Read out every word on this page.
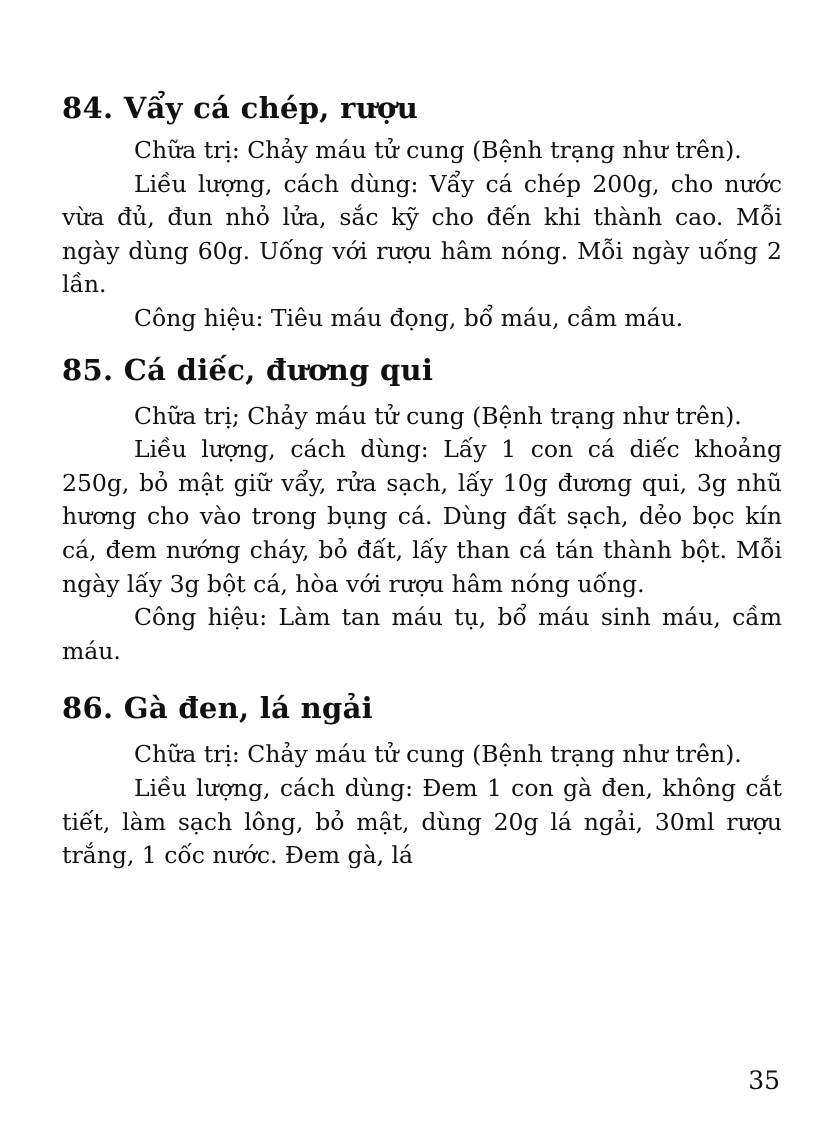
84. Vẩy cá chép, rượu

Chữa trị: Chảy máu tử cung (Bệnh trạng như trên).

Liều lượng, cách dùng: Vẩy cá chép 200g, cho nước vừa đủ, đun nhỏ lửa, sắc kỹ cho đến khi thành cao. Mỗi ngày dùng 60g. Uống với rượu hâm nóng. Mỗi ngày uống 2 lần.

Công hiệu: Tiêu máu đọng, bổ máu, cầm máu.

85. Cá diếc, đương qui

Chữa trị; Chảy máu tử cung (Bệnh trạng như trên).

Liều lượng, cách dùng: Lấy 1 con cá diếc khoảng 250g, bỏ mật giữ vẩy, rửa sạch, lấy 10g đương qui, 3g nhũ hương cho vào trong bụng cá. Dùng đất sạch, dẻo bọc kín cá, đem nướng cháy, bỏ đất, lấy than cá tán thành bột. Mỗi ngày lấy 3g bột cá, hòa với rượu hâm nóng uống.

Công hiệu: Làm tan máu tụ, bổ máu sinh máu, cầm máu.

86. Gà đen, lá ngải

Chữa trị: Chảy máu tử cung (Bệnh trạng như trên).

Liều lượng, cách dùng: Đem 1 con gà đen, không cắt tiết, làm sạch lông, bỏ mật, dùng 20g lá ngải, 30ml rượu trắng, 1 cốc nước. Đem gà, lá

35
